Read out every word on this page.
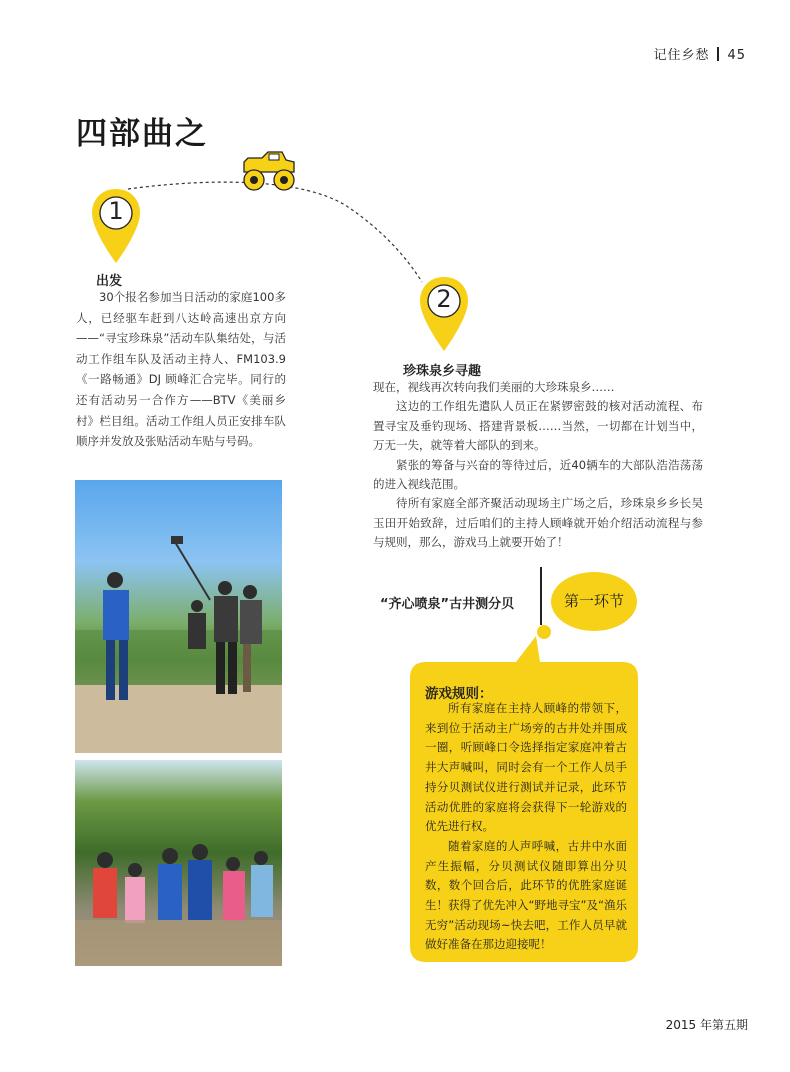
记住乡愁 45
四部曲之
1
2
出发

30个报名参加当日活动的家庭100多人，已经驱车赶到八达岭高速出京方向——“寻宝珍珠泉”活动车队集结处，与活动工作组车队及活动主持人、FM103.9《一路畅通》DJ 顾峰汇合完毕。同行的还有活动另一合作方——BTV《美丽乡村》栏目组。活动工作组人员正安排车队顺序并发放及张贴活动车贴与号码。

珍珠泉乡寻趣

现在，视线再次转向我们美丽的大珍珠泉乡……

这边的工作组先遣队人员正在紧锣密鼓的核对活动流程、布置寻宝及垂钓现场、搭建背景板……当然，一切都在计划当中，万无一失，就等着大部队的到来。

紧张的筹备与兴奋的等待过后，近40辆车的大部队浩浩荡荡的进入视线范围。

待所有家庭全部齐聚活动现场主广场之后，珍珠泉乡乡长吴玉田开始致辞，过后咱们的主持人顾峰就开始介绍活动流程与参与规则，那么，游戏马上就要开始了！

“齐心喷泉”古井测分贝	第一环节
游戏规则：

所有家庭在主持人顾峰的带领下，来到位于活动主广场旁的古井处并围成一圈，听顾峰口令选择指定家庭冲着古井大声喊叫，同时会有一个工作人员手持分贝测试仪进行测试并记录，此环节活动优胜的家庭将会获得下一轮游戏的优先进行权。

随着家庭的人声呼喊，古井中水面产生振幅，分贝测试仪随即算出分贝数，数个回合后，此环节的优胜家庭诞生！获得了优先冲入“野地寻宝”及“渔乐无穷”活动现场~快去吧，工作人员早就做好准备在那边迎接呢！

2015 年第五期
